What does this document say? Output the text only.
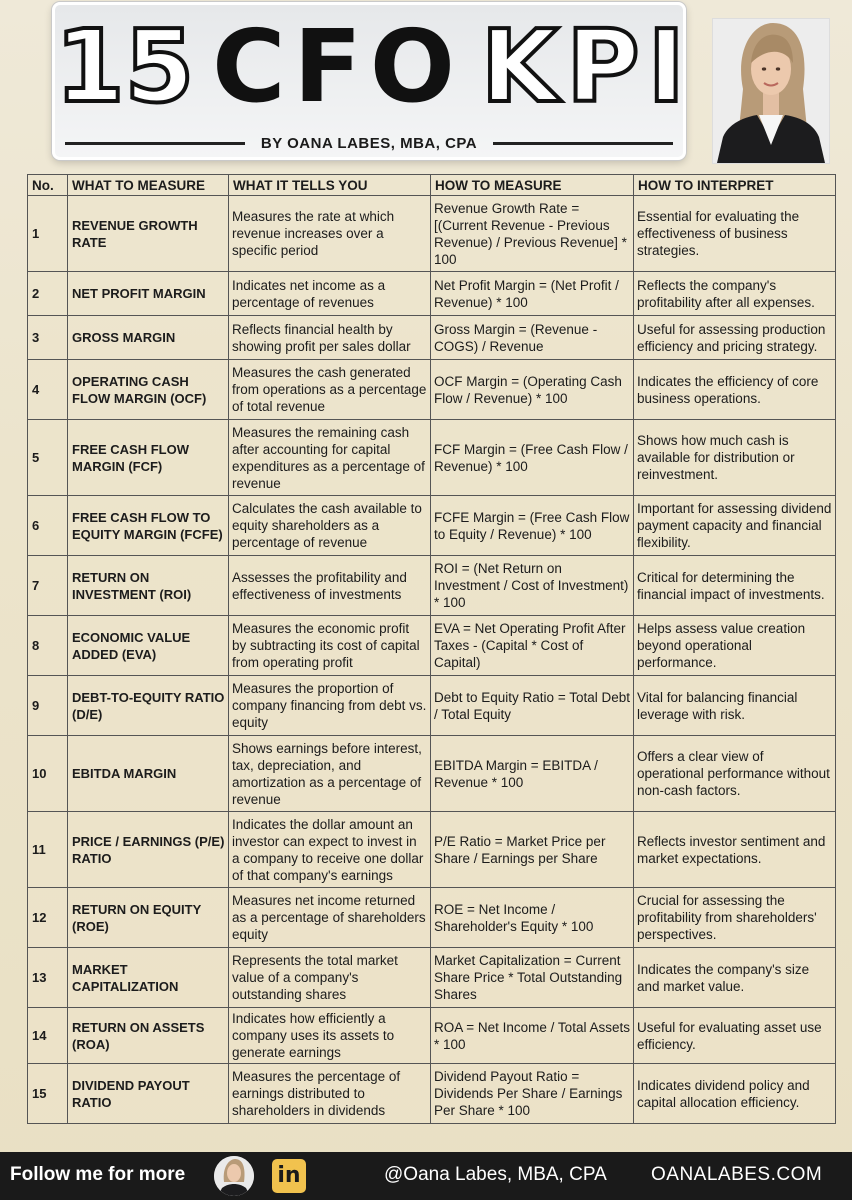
15 CFO KPI
BY OANA LABES, MBA, CPA
No.	WHAT TO MEASURE	WHAT IT TELLS YOU	HOW TO MEASURE	HOW TO INTERPRET
1	REVENUE GROWTH RATE	Measures the rate at which revenue increases over a specific period	Revenue Growth Rate = [(Current Revenue - Previous Revenue) / Previous Revenue] * 100	Essential for evaluating the effectiveness of business strategies.
2	NET PROFIT MARGIN	Indicates net income as a percentage of revenues	Net Profit Margin = (Net Profit / Revenue) * 100	Reflects the company's profitability after all expenses.
3	GROSS MARGIN	Reflects financial health by showing profit per sales dollar	Gross Margin = (Revenue - COGS) / Revenue	Useful for assessing production efficiency and pricing strategy.
4	OPERATING CASH FLOW MARGIN (OCF)	Measures the cash generated from operations as a percentage of total revenue	OCF Margin = (Operating Cash Flow / Revenue) * 100	Indicates the efficiency of core business operations.
5	FREE CASH FLOW MARGIN (FCF)	Measures the remaining cash after accounting for capital expenditures as a percentage of revenue	FCF Margin = (Free Cash Flow / Revenue) * 100	Shows how much cash is available for distribution or reinvestment.
6	FREE CASH FLOW TO EQUITY MARGIN (FCFE)	Calculates the cash available to equity shareholders as a percentage of revenue	FCFE Margin = (Free Cash Flow to Equity / Revenue) * 100	Important for assessing dividend payment capacity and financial flexibility.
7	RETURN ON INVESTMENT (ROI)	Assesses the profitability and effectiveness of investments	ROI = (Net Return on Investment / Cost of Investment) * 100	Critical for determining the financial impact of investments.
8	ECONOMIC VALUE ADDED (EVA)	Measures the economic profit by subtracting its cost of capital from operating profit	EVA = Net Operating Profit After Taxes - (Capital * Cost of Capital)	Helps assess value creation beyond operational performance.
9	DEBT-TO-EQUITY RATIO (D/E)	Measures the proportion of company financing from debt vs. equity	Debt to Equity Ratio = Total Debt / Total Equity	Vital for balancing financial leverage with risk.
10	EBITDA MARGIN	Shows earnings before interest, tax, depreciation, and amortization as a percentage of revenue	EBITDA Margin = EBITDA / Revenue * 100	Offers a clear view of operational performance without non-cash factors.
11	PRICE / EARNINGS (P/E) RATIO	Indicates the dollar amount an investor can expect to invest in a company to receive one dollar of that company's earnings	P/E Ratio = Market Price per Share / Earnings per Share	Reflects investor sentiment and market expectations.
12	RETURN ON EQUITY (ROE)	Measures net income returned as a percentage of shareholders equity	ROE = Net Income / Shareholder's Equity * 100	Crucial for assessing the profitability from shareholders' perspectives.
13	MARKET CAPITALIZATION	Represents the total market value of a company's outstanding shares	Market Capitalization = Current Share Price * Total Outstanding Shares	Indicates the company's size and market value.
14	RETURN ON ASSETS (ROA)	Indicates how efficiently a company uses its assets to generate earnings	ROA = Net Income / Total Assets * 100	Useful for evaluating asset use efficiency.
15	DIVIDEND PAYOUT RATIO	Measures the percentage of earnings distributed to shareholders in dividends	Dividend Payout Ratio = Dividends Per Share / Earnings Per Share * 100	Indicates dividend policy and capital allocation efficiency.
Follow me for more	in	@Oana Labes, MBA, CPA OANALABES.COM
